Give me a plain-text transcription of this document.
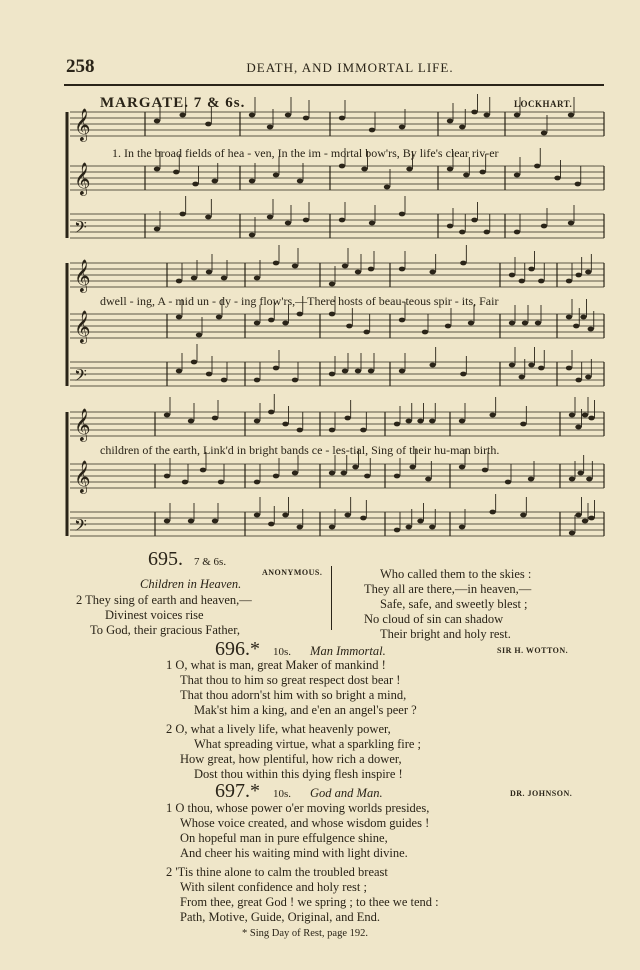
258	DEATH, AND IMMORTAL LIFE.
MARGATE. 7 & 6s.	LOCKHART.
𝄞
𝄞
𝄢
𝄞
𝄞
𝄢
𝄞
𝄞
𝄢
1. In the broad fields of hea - ven, In the im - mortal bow'rs, By life's clear riv-er
dwell - ing, A - mid un - dy - ing flow'rs,—There hosts of beau-teous spir - its, Fair
children of the earth, Link'd in bright bands ce - les-tial, Sing of their hu-man birth.
695. 7 & 6s.
ANONYMOUS.
Children in Heaven.
2 They sing of earth and heaven,—
Divinest voices rise
To God, their gracious Father,
Who called them to the skies :
They all are there,—in heaven,—
Safe, safe, and sweetly blest ;
No cloud of sin can shadow
Their bright and holy rest.
696.* 10s. Man Immortal.	SIR H. WOTTON.
1 O, what is man, great Maker of mankind !
That thou to him so great respect dost bear !
That thou adorn'st him with so bright a mind,
Mak'st him a king, and e'en an angel's peer ?
2 O, what a lively life, what heavenly power,
What spreading virtue, what a sparkling fire ;
How great, how plentiful, how rich a dower,
Dost thou within this dying flesh inspire !
697.* 10s. God and Man.	DR. JOHNSON.
1 O thou, whose power o'er moving worlds presides,
Whose voice created, and whose wisdom guides !
On hopeful man in pure effulgence shine,
And cheer his waiting mind with light divine.
2 'Tis thine alone to calm the troubled breast
With silent confidence and holy rest ;
From thee, great God ! we spring ; to thee we tend :
Path, Motive, Guide, Original, and End.
* Sing Day of Rest, page 192.
